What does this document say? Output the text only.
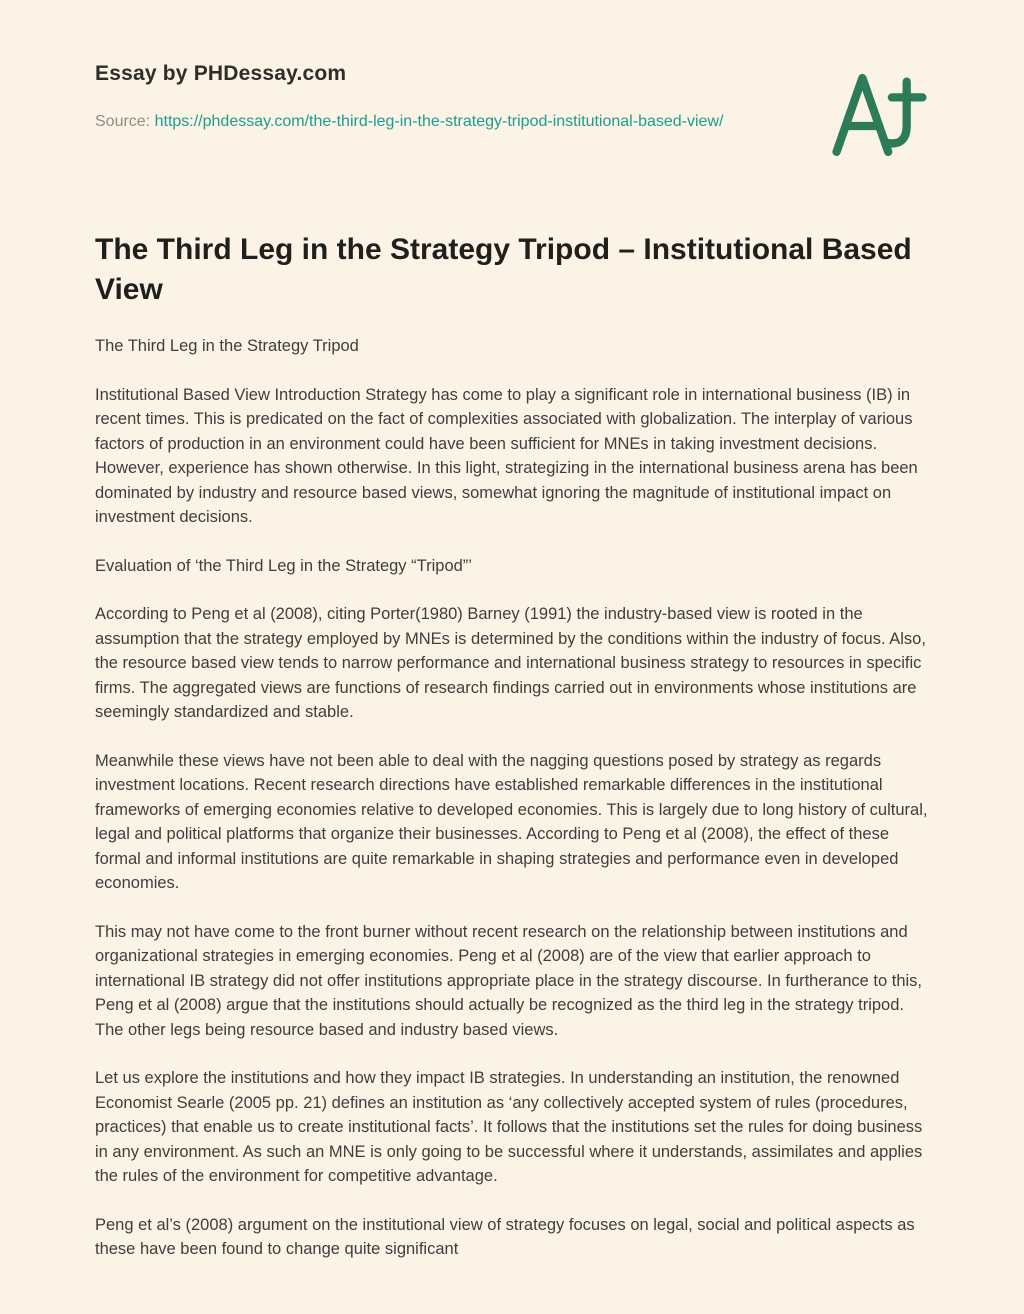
Essay by PHDessay.com
Source: https://phdessay.com/the-third-leg-in-the-strategy-tripod-institutional-based-view/
The Third Leg in the Strategy Tripod – Institutional Based View

The Third Leg in the Strategy Tripod

Institutional Based View Introduction Strategy has come to play a significant role in international business (IB) in recent times. This is predicated on the fact of complexities associated with globalization. The interplay of various factors of production in an environment could have been sufficient for MNEs in taking investment decisions. However, experience has shown otherwise. In this light, strategizing in the international business arena has been dominated by industry and resource based views, somewhat ignoring the magnitude of institutional impact on investment decisions.

Evaluation of ‘the Third Leg in the Strategy “Tripod”’

According to Peng et al (2008), citing Porter(1980) Barney (1991) the industry-based view is rooted in the assumption that the strategy employed by MNEs is determined by the conditions within the industry of focus. Also, the resource based view tends to narrow performance and international business strategy to resources in specific firms. The aggregated views are functions of research findings carried out in environments whose institutions are seemingly standardized and stable.

Meanwhile these views have not been able to deal with the nagging questions posed by strategy as regards investment locations. Recent research directions have established remarkable differences in the institutional frameworks of emerging economies relative to developed economies. This is largely due to long history of cultural, legal and political platforms that organize their businesses. According to Peng et al (2008), the effect of these formal and informal institutions are quite remarkable in shaping strategies and performance even in developed economies.

This may not have come to the front burner without recent research on the relationship between institutions and organizational strategies in emerging economies. Peng et al (2008) are of the view that earlier approach to international IB strategy did not offer institutions appropriate place in the strategy discourse. In furtherance to this, Peng et al (2008) argue that the institutions should actually be recognized as the third leg in the strategy tripod. The other legs being resource based and industry based views.

Let us explore the institutions and how they impact IB strategies. In understanding an institution, the renowned Economist Searle (2005 pp. 21) defines an institution as ‘any collectively accepted system of rules (procedures, practices) that enable us to create institutional facts’. It follows that the institutions set the rules for doing business in any environment. As such an MNE is only going to be successful where it understands, assimilates and applies the rules of the environment for competitive advantage.

Peng et al’s (2008) argument on the institutional view of strategy focuses on legal, social and political aspects as these have been found to change quite significant
